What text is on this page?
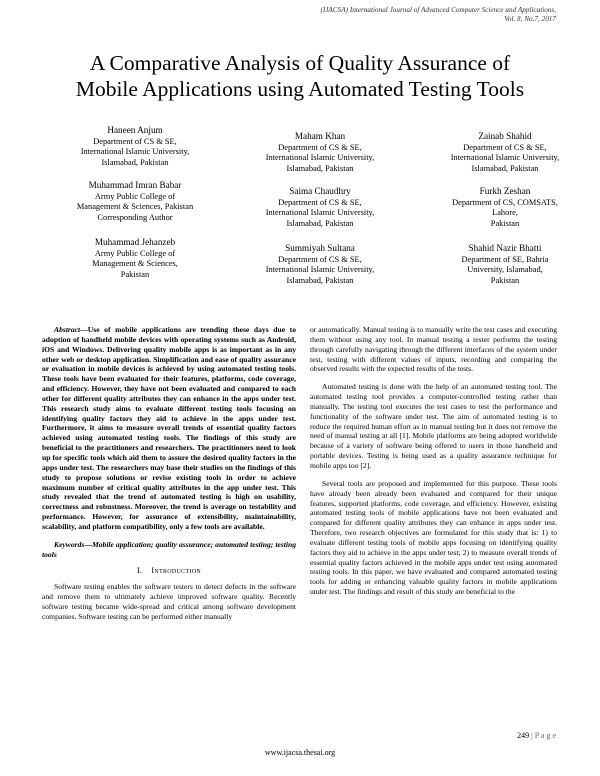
(IJACSA) International Journal of Advanced Computer Science and Applications,
Vol. 8, No.7, 2017
A Comparative Analysis of Quality Assurance of
Mobile Applications using Automated Testing Tools
Haneen Anjum
Department of CS & SE,
International Islamic University,
Islamabad, Pakistan
Maham Khan
Department of CS & SE,
International Islamic University,
Islamabad, Pakistan
Zainab Shahid
Department of CS & SE,
International Islamic University,
Islamabad, Pakistan
Muhammad Imran Babar
Army Public College of
Management & Sciences, Pakistan
Corresponding Author
Saima Chaudhry
Department of CS & SE,
International Islamic University,
Islamabad, Pakistan
Furkh Zeshan
Department of CS, COMSATS,
Lahore,
Pakistan
Muhammad Jehanzeb
Army Public College of
Management & Sciences,
Pakistan
Summiyah Sultana
Department of CS & SE,
International Islamic University,
Islamabad, Pakistan
Shahid Nazir Bhatti
Department of SE, Bahria
University, Islamabad,
Pakistan

Abstract—Use of mobile applications are trending these days due to adoption of handheld mobile devices with operating systems such as Android, iOS and Windows. Delivering quality mobile apps is as important as in any other web or desktop application. Simplification and ease of quality assurance or evaluation in mobile devices is achieved by using automated testing tools. These tools have been evaluated for their features, platforms, code coverage, and efficiency. However, they have not been evaluated and compared to each other for different quality attributes they can enhance in the apps under test. This research study aims to evaluate different testing tools focusing on identifying quality factors they aid to achieve in the apps under test. Furthermore, it aims to measure overall trends of essential quality factors achieved using automated testing tools. The findings of this study are beneficial to the practitioners and researchers. The practitioners need to look up for specific tools which aid them to assure the desired quality factors in the apps under test. The researchers may base their studies on the findings of this study to propose solutions or revise existing tools in order to achieve maximum number of critical quality attributes in the app under test. This study revealed that the trend of automated testing is high on usability, correctness and robustness. Moreover, the trend is average on testability and performance. However, for assurance of extensibility, maintainability, scalability, and platform compatibility, only a few tools are available.

Keywords—Mobile application; quality assurance; automated testing; testing tools

I. Introduction

Software testing enables the software testers to detect defects in the software and remove them to ultimately achieve improved software quality. Recently software testing became wide-spread and critical among software development companies. Software testing can be performed either manually

or automatically. Manual testing is to manually write the test cases and executing them without using any tool. In manual testing a tester performs the testing through carefully navigating through the different interfaces of the system under test, testing with different values of inputs, recording and comparing the observed results with the expected results of the tests.

Automated testing is done with the help of an automated testing tool. The automated testing tool provides a computer-controlled testing rather than manually. The testing tool executes the test cases to test the performance and functionality of the software under test. The aim of automated testing is to reduce the required human effort as in manual testing but it does not remove the need of manual testing at all [1]. Mobile platforms are being adopted worldwide because of a variety of software being offered to users in those handheld and portable devices. Testing is being used as a quality assurance technique for mobile apps too [2].

Several tools are proposed and implemented for this purpose. These tools have already been already been evaluated and compared for their unique features, supported platforms, code coverage, and efficiency. However, existing automated testing tools of mobile applications have not been evaluated and compared for different quality attributes they can enhance in apps under test. Therefore, two research objectives are formulated for this study that is: 1) to evaluate different testing tools of mobile apps focusing on identifying quality factors they aid to achieve in the apps under test; 2) to measure overall trends of essential quality factors achieved in the mobile apps under test using automated testing tools. In this paper, we have evaluated and compared automated testing tools for adding or enhancing valuable quality factors in mobile applications under test. The findings and result of this study are beneficial to the

249 | P a g e
www.ijacsa.thesai.org
